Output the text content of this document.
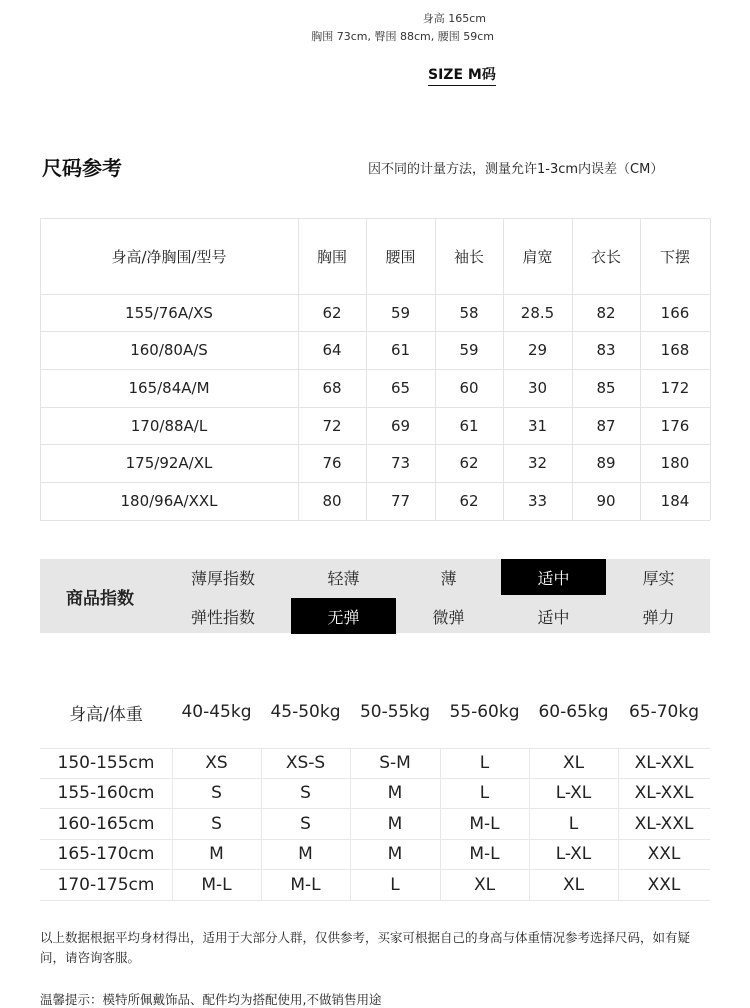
身高 165cm
胸围 73cm, 臀围 88cm, 腰围 59cm
SIZE M码
尺码参考	因不同的计量方法，测量允许1-3cm内误差（CM）
身高/净胸围/型号	胸围	腰围	袖长	肩宽	衣长	下摆
155/76A/XS	62	59	58	28.5	82	166
160/80A/S	64	61	59	29	83	168
165/84A/M	68	65	60	30	85	172
170/88A/L	72	69	61	31	87	176
175/92A/XL	76	73	62	32	89	180
180/96A/XXL	80	77	62	33	90	184
商品指数
薄厚指数	轻薄	薄	适中	厚实
弹性指数	无弹	微弹	适中	弹力
身高/体重	40-45kg	45-50kg	50-55kg	55-60kg	60-65kg	65-70kg
150-155cm	XS	XS-S	S-M	L	XL	XL-XXL
155-160cm	S	S	M	L	L-XL	XL-XXL
160-165cm	S	S	M	M-L	L	XL-XXL
165-170cm	M	M	M	M-L	L-XL	XXL
170-175cm	M-L	M-L	L	XL	XL	XXL
以上数据根据平均身材得出，适用于大部分人群，仅供参考，买家可根据自己的身高与体重情况参考选择尺码，如有疑问，请咨询客服。
温馨提示：模特所佩戴饰品、配件均为搭配使用,不做销售用途
